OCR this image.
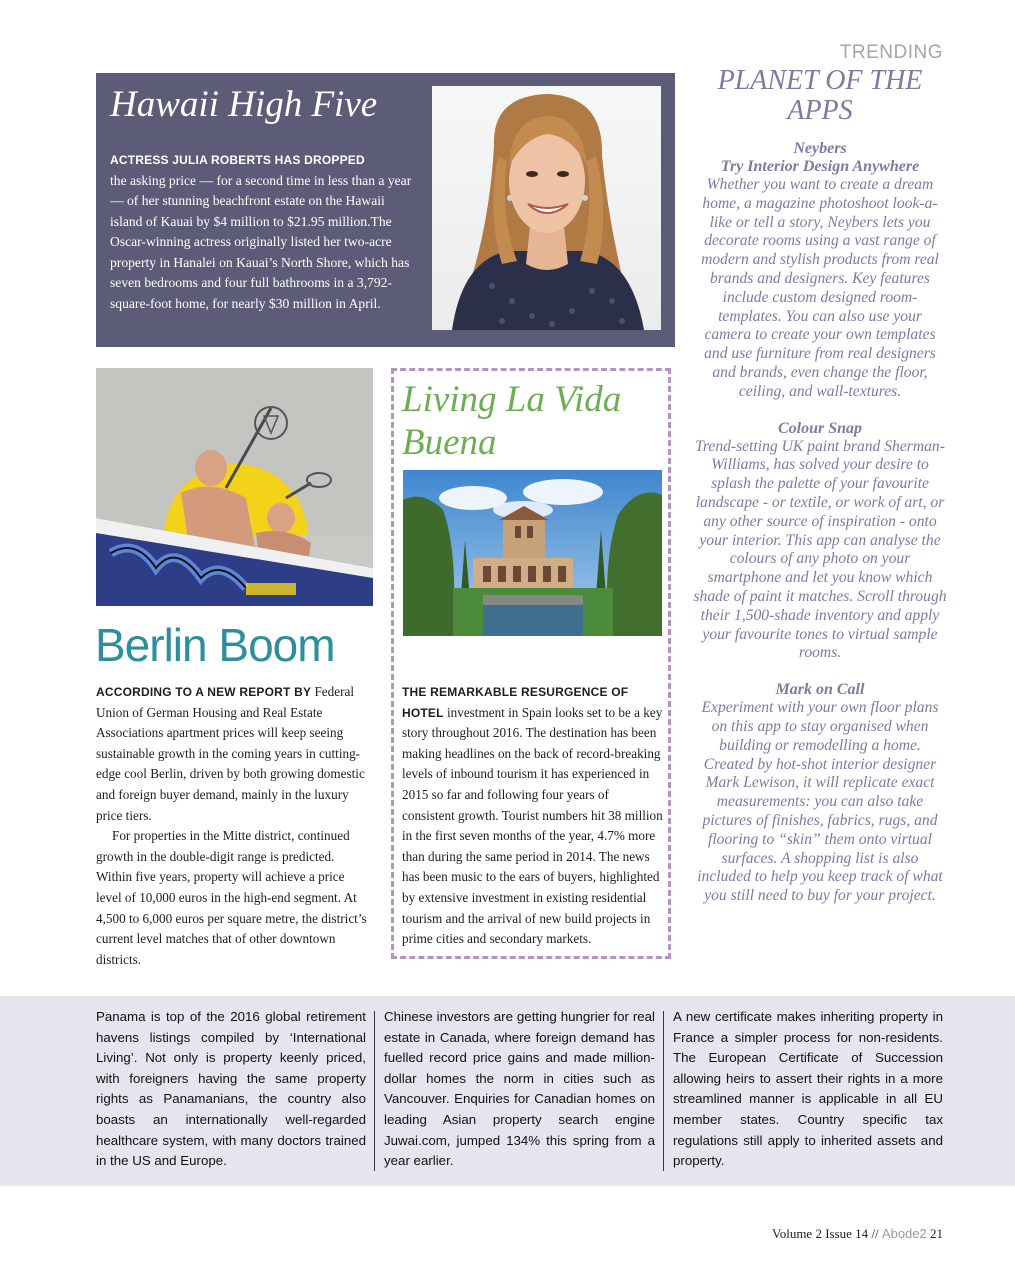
TRENDING
Hawaii High Five
ACTRESS JULIA ROBERTS HAS DROPPED
the asking price — for a second time in less than a year — of her stunning beachfront estate on the Hawaii island of Kauai by $4 million to $21.95 million.The Oscar-winning actress originally listed her two-acre property in Hanalei on Kauai’s North Shore, which has seven bedrooms and four full bathrooms in a 3,792-square-foot home, for nearly $30 million in April.
Berlin Boom

ACCORDING TO A NEW REPORT BY Federal Union of German Housing and Real Estate Associations apartment prices will keep seeing sustainable growth in the coming years in cutting-edge cool Berlin, driven by both growing domestic and foreign buyer demand, mainly in the luxury price tiers.

For properties in the Mitte district, continued growth in the double-digit range is predicted. Within five years, property will achieve a price level of 10,000 euros in the high-end segment. At 4,500 to 6,000 euros per square metre, the district’s current level matches that of other downtown districts.

Living La Vida Buena
THE REMARKABLE RESURGENCE OF HOTEL investment in Spain looks set to be a key story throughout 2016. The destination has been making headlines on the back of record-breaking levels of inbound tourism it has experienced in 2015 so far and following four years of consistent growth. Tourist numbers hit 38 million in the first seven months of the year, 4.7% more than during the same period in 2014. The news has been music to the ears of buyers, highlighted by extensive investment in existing residential tourism and the arrival of new build projects in prime cities and secondary markets.
PLANET OF THE APPS
Neybers
Try Interior Design Anywhere

Whether you want to create a dream home, a magazine photoshoot look-a-like or tell a story, Neybers lets you decorate rooms using a vast range of modern and stylish products from real brands and designers. Key features include custom designed room-templates. You can also use your camera to create your own templates and use furniture from real designers and brands, even change the floor, ceiling, and wall-textures.

Colour Snap

Trend-setting UK paint brand Sherman-Williams, has solved your desire to splash the palette of your favourite landscape - or textile, or work of art, or any other source of inspiration - onto your interior. This app can analyse the colours of any photo on your smartphone and let you know which shade of paint it matches. Scroll through their 1,500-shade inventory and apply your favourite tones to virtual sample rooms.

Mark on Call

Experiment with your own floor plans on this app to stay organised when building or remodelling a home. Created by hot-shot interior designer Mark Lewison, it will replicate exact measurements: you can also take pictures of finishes, fabrics, rugs, and flooring to “skin” them onto virtual surfaces. A shopping list is also included to help you keep track of what you still need to buy for your project.

Panama is top of the 2016 global retirement havens listings compiled by ‘International Living’. Not only is property keenly priced, with foreigners having the same property rights as Panamanians, the country also boasts an internationally well-regarded healthcare system, with many doctors trained in the US and Europe.
Chinese investors are getting hungrier for real estate in Canada, where foreign demand has fuelled record price gains and made million-dollar homes the norm in cities such as Vancouver. Enquiries for Canadian homes on leading Asian property search engine Juwai.com, jumped 134% this spring from a year earlier.
A new certificate makes inheriting property in France a simpler process for non-residents. The European Certificate of Succession allowing heirs to assert their rights in a more streamlined manner is applicable in all EU member states. Country specific tax regulations still apply to inherited assets and property.
Volume 2 Issue 14 // Abode2 21
